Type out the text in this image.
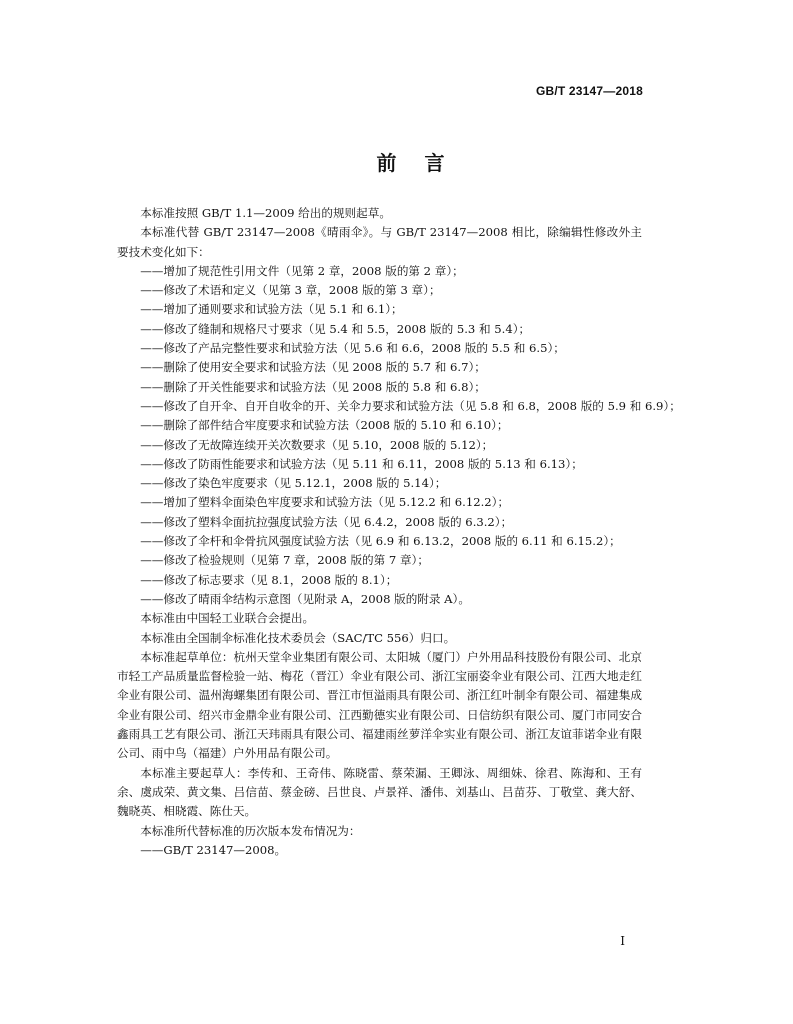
GB/T 23147—2018
前言

本标准按照 GB/T 1.1—2009 给出的规则起草。

本标准代替 GB/T 23147—2008《晴雨伞》。与 GB/T 23147—2008 相比，除编辑性修改外主要技术变化如下：

——增加了规范性引用文件（见第 2 章，2008 版的第 2 章）；

——修改了术语和定义（见第 3 章，2008 版的第 3 章）；

——增加了通则要求和试验方法（见 5.1 和 6.1）；

——修改了缝制和规格尺寸要求（见 5.4 和 5.5，2008 版的 5.3 和 5.4）；

——修改了产品完整性要求和试验方法（见 5.6 和 6.6，2008 版的 5.5 和 6.5）；

——删除了使用安全要求和试验方法（见 2008 版的 5.7 和 6.7）；

——删除了开关性能要求和试验方法（见 2008 版的 5.8 和 6.8）；

——修改了自开伞、自开自收伞的开、关伞力要求和试验方法（见 5.8 和 6.8，2008 版的 5.9 和 6.9）；

——删除了部件结合牢度要求和试验方法（2008 版的 5.10 和 6.10）；

——修改了无故障连续开关次数要求（见 5.10，2008 版的 5.12）；

——修改了防雨性能要求和试验方法（见 5.11 和 6.11，2008 版的 5.13 和 6.13）；

——修改了染色牢度要求（见 5.12.1，2008 版的 5.14）；

——增加了塑料伞面染色牢度要求和试验方法（见 5.12.2 和 6.12.2）；

——修改了塑料伞面抗拉强度试验方法（见 6.4.2，2008 版的 6.3.2）；

——修改了伞杆和伞骨抗风强度试验方法（见 6.9 和 6.13.2，2008 版的 6.11 和 6.15.2）；

——修改了检验规则（见第 7 章，2008 版的第 7 章）；

——修改了标志要求（见 8.1，2008 版的 8.1）；

——修改了晴雨伞结构示意图（见附录 A，2008 版的附录 A）。

本标准由中国轻工业联合会提出。

本标准由全国制伞标准化技术委员会（SAC/TC 556）归口。

本标准起草单位：杭州天堂伞业集团有限公司、太阳城（厦门）户外用品科技股份有限公司、北京市轻工产品质量监督检验一站、梅花（晋江）伞业有限公司、浙江宝丽姿伞业有限公司、江西大地走红伞业有限公司、温州海螺集团有限公司、晋江市恒溢雨具有限公司、浙江红叶制伞有限公司、福建集成伞业有限公司、绍兴市金鼎伞业有限公司、江西勤德实业有限公司、日信纺织有限公司、厦门市同安合鑫雨具工艺有限公司、浙江天玮雨具有限公司、福建雨丝萝洋伞实业有限公司、浙江友谊菲诺伞业有限公司、雨中鸟（福建）户外用品有限公司。

本标准主要起草人：李传和、王奇伟、陈晓雷、蔡荣漏、王卿泳、周细妹、徐君、陈海和、王有余、虞成荣、黄文集、吕信苗、蔡金磅、吕世良、卢景祥、潘伟、刘基山、吕苗芬、丁敬堂、龚大舒、魏晓英、相晓霞、陈仕天。

本标准所代替标准的历次版本发布情况为：

——GB/T 23147—2008。

I
